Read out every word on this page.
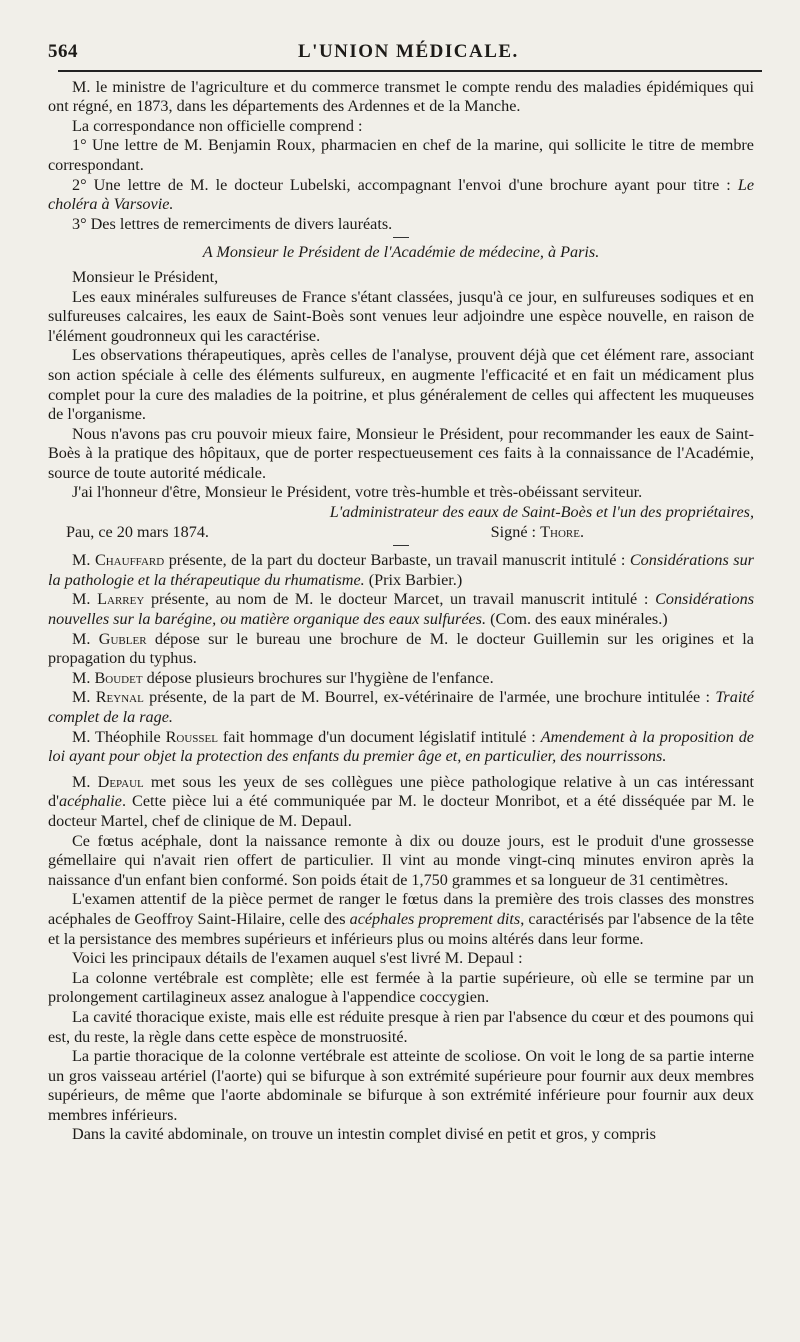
564	L'UNION MÉDICALE.

M. le ministre de l'agriculture et du commerce transmet le compte rendu des maladies épidémiques qui ont régné, en 1873, dans les départements des Ardennes et de la Manche.

La correspondance non officielle comprend :

1° Une lettre de M. Benjamin Roux, pharmacien en chef de la marine, qui sollicite le titre de membre correspondant.

2° Une lettre de M. le docteur Lubelski, accompagnant l'envoi d'une brochure ayant pour titre : Le choléra à Varsovie.

3° Des lettres de remerciments de divers lauréats.

A Monsieur le Président de l'Académie de médecine, à Paris.

Monsieur le Président,

Les eaux minérales sulfureuses de France s'étant classées, jusqu'à ce jour, en sulfureuses sodiques et en sulfureuses calcaires, les eaux de Saint-Boès sont venues leur adjoindre une espèce nouvelle, en raison de l'élément goudronneux qui les caractérise.

Les observations thérapeutiques, après celles de l'analyse, prouvent déjà que cet élément rare, associant son action spéciale à celle des éléments sulfureux, en augmente l'efficacité et en fait un médicament plus complet pour la cure des maladies de la poitrine, et plus généralement de celles qui affectent les muqueuses de l'organisme.

Nous n'avons pas cru pouvoir mieux faire, Monsieur le Président, pour recommander les eaux de Saint-Boès à la pratique des hôpitaux, que de porter respectueusement ces faits à la connaissance de l'Académie, source de toute autorité médicale.

J'ai l'honneur d'être, Monsieur le Président, votre très-humble et très-obéissant serviteur.

L'administrateur des eaux de Saint-Boès et l'un des propriétaires,

Pau, ce 20 mars 1874.	Signé : Thore.

M. Chauffard présente, de la part du docteur Barbaste, un travail manuscrit intitulé : Considérations sur la pathologie et la thérapeutique du rhumatisme. (Prix Barbier.)

M. Larrey présente, au nom de M. le docteur Marcet, un travail manuscrit intitulé : Considérations nouvelles sur la barégine, ou matière organique des eaux sulfurées. (Com. des eaux minérales.)

M. Gubler dépose sur le bureau une brochure de M. le docteur Guillemin sur les origines et la propagation du typhus.

M. Boudet dépose plusieurs brochures sur l'hygiène de l'enfance.

M. Reynal présente, de la part de M. Bourrel, ex-vétérinaire de l'armée, une brochure intitulée : Traité complet de la rage.

M. Théophile Roussel fait hommage d'un document législatif intitulé : Amendement à la proposition de loi ayant pour objet la protection des enfants du premier âge et, en particulier, des nourrissons.

M. Depaul met sous les yeux de ses collègues une pièce pathologique relative à un cas intéressant d'acéphalie. Cette pièce lui a été communiquée par M. le docteur Monribot, et a été disséquée par M. le docteur Martel, chef de clinique de M. Depaul.

Ce fœtus acéphale, dont la naissance remonte à dix ou douze jours, est le produit d'une grossesse gémellaire qui n'avait rien offert de particulier. Il vint au monde vingt-cinq minutes environ après la naissance d'un enfant bien conformé. Son poids était de 1,750 grammes et sa longueur de 31 centimètres.

L'examen attentif de la pièce permet de ranger le fœtus dans la première des trois classes des monstres acéphales de Geoffroy Saint-Hilaire, celle des acéphales proprement dits, caractérisés par l'absence de la tête et la persistance des membres supérieurs et inférieurs plus ou moins altérés dans leur forme.

Voici les principaux détails de l'examen auquel s'est livré M. Depaul :

La colonne vertébrale est complète; elle est fermée à la partie supérieure, où elle se termine par un prolongement cartilagineux assez analogue à l'appendice coccygien.

La cavité thoracique existe, mais elle est réduite presque à rien par l'absence du cœur et des poumons qui est, du reste, la règle dans cette espèce de monstruosité.

La partie thoracique de la colonne vertébrale est atteinte de scoliose. On voit le long de sa partie interne un gros vaisseau artériel (l'aorte) qui se bifurque à son extrémité supérieure pour fournir aux deux membres supérieurs, de même que l'aorte abdominale se bifurque à son extrémité inférieure pour fournir aux deux membres inférieurs.

Dans la cavité abdominale, on trouve un intestin complet divisé en petit et gros, y compris
